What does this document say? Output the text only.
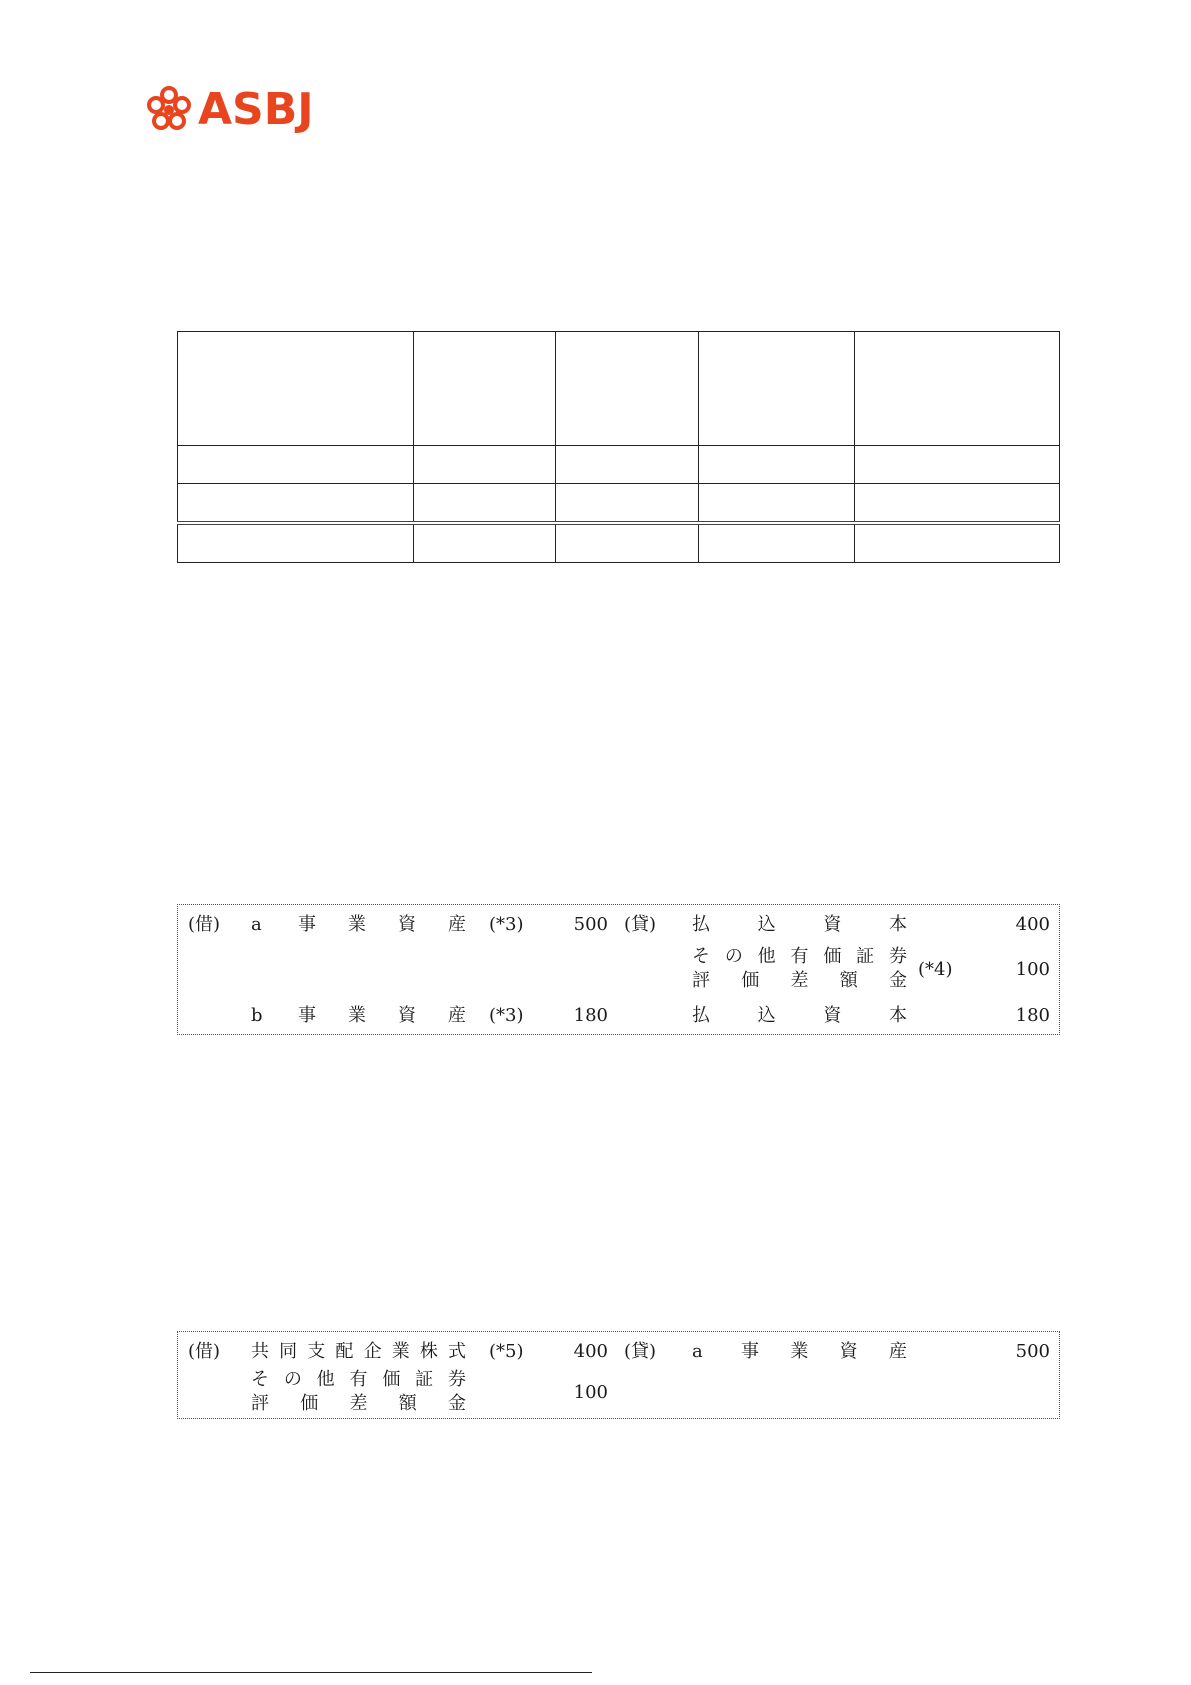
ASBJ

(借) a 事 業 資 産 (*3)	500 (貸) 払	込	資	本	400
そ の 他 有 価 証 券
評 価 差 額 金
(*4)	100
b 事 業 資 産 (*3)	180	払	込	資	本	180
(借) 共 同 支 配 企 業 株 式 (*5)	400 (貸) a 事 業 資 産	500
そ の 他 有 価 証 券
評 価 差 額 金
100
